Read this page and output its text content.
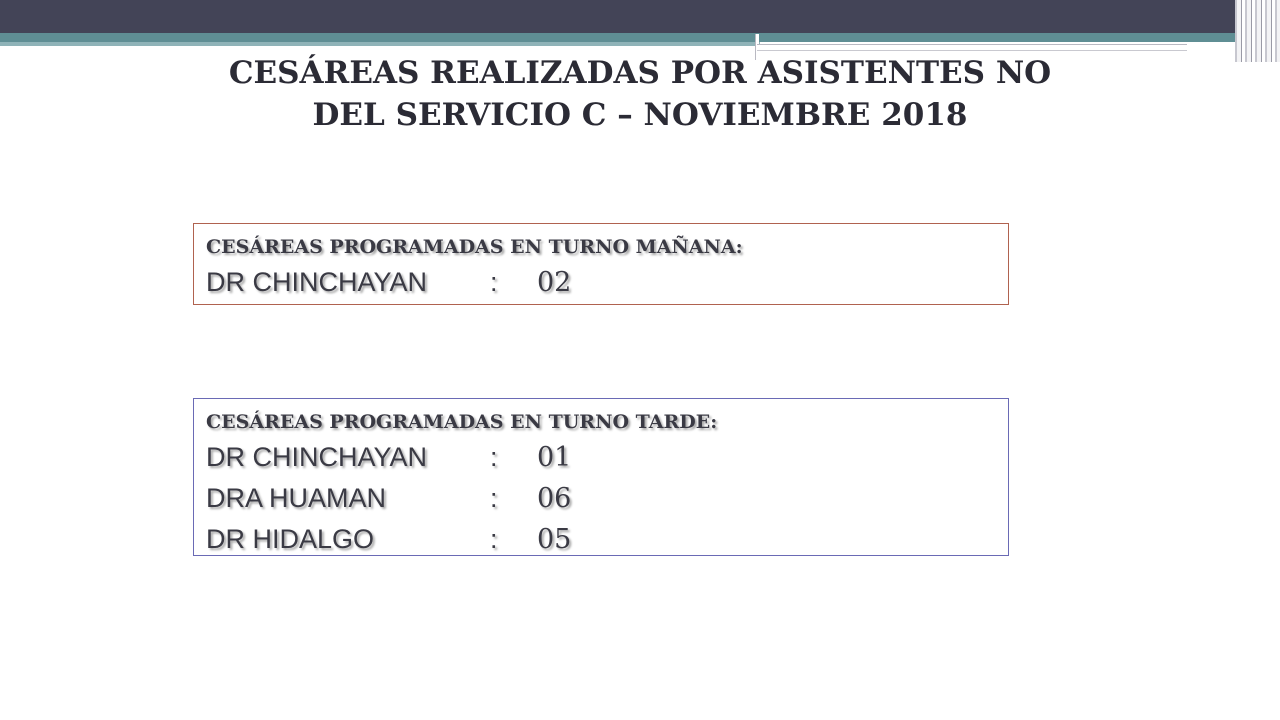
CESÁREAS REALIZADAS POR ASISTENTES NO
DEL SERVICIO C – NOVIEMBRE 2018
CESÁREAS PROGRAMADAS EN TURNO MAÑANA:
DR CHINCHAYAN	:	02
CESÁREAS PROGRAMADAS EN TURNO TARDE:
DR CHINCHAYAN	:	01
DRA HUAMAN	:	06
DR HIDALGO	:	05
